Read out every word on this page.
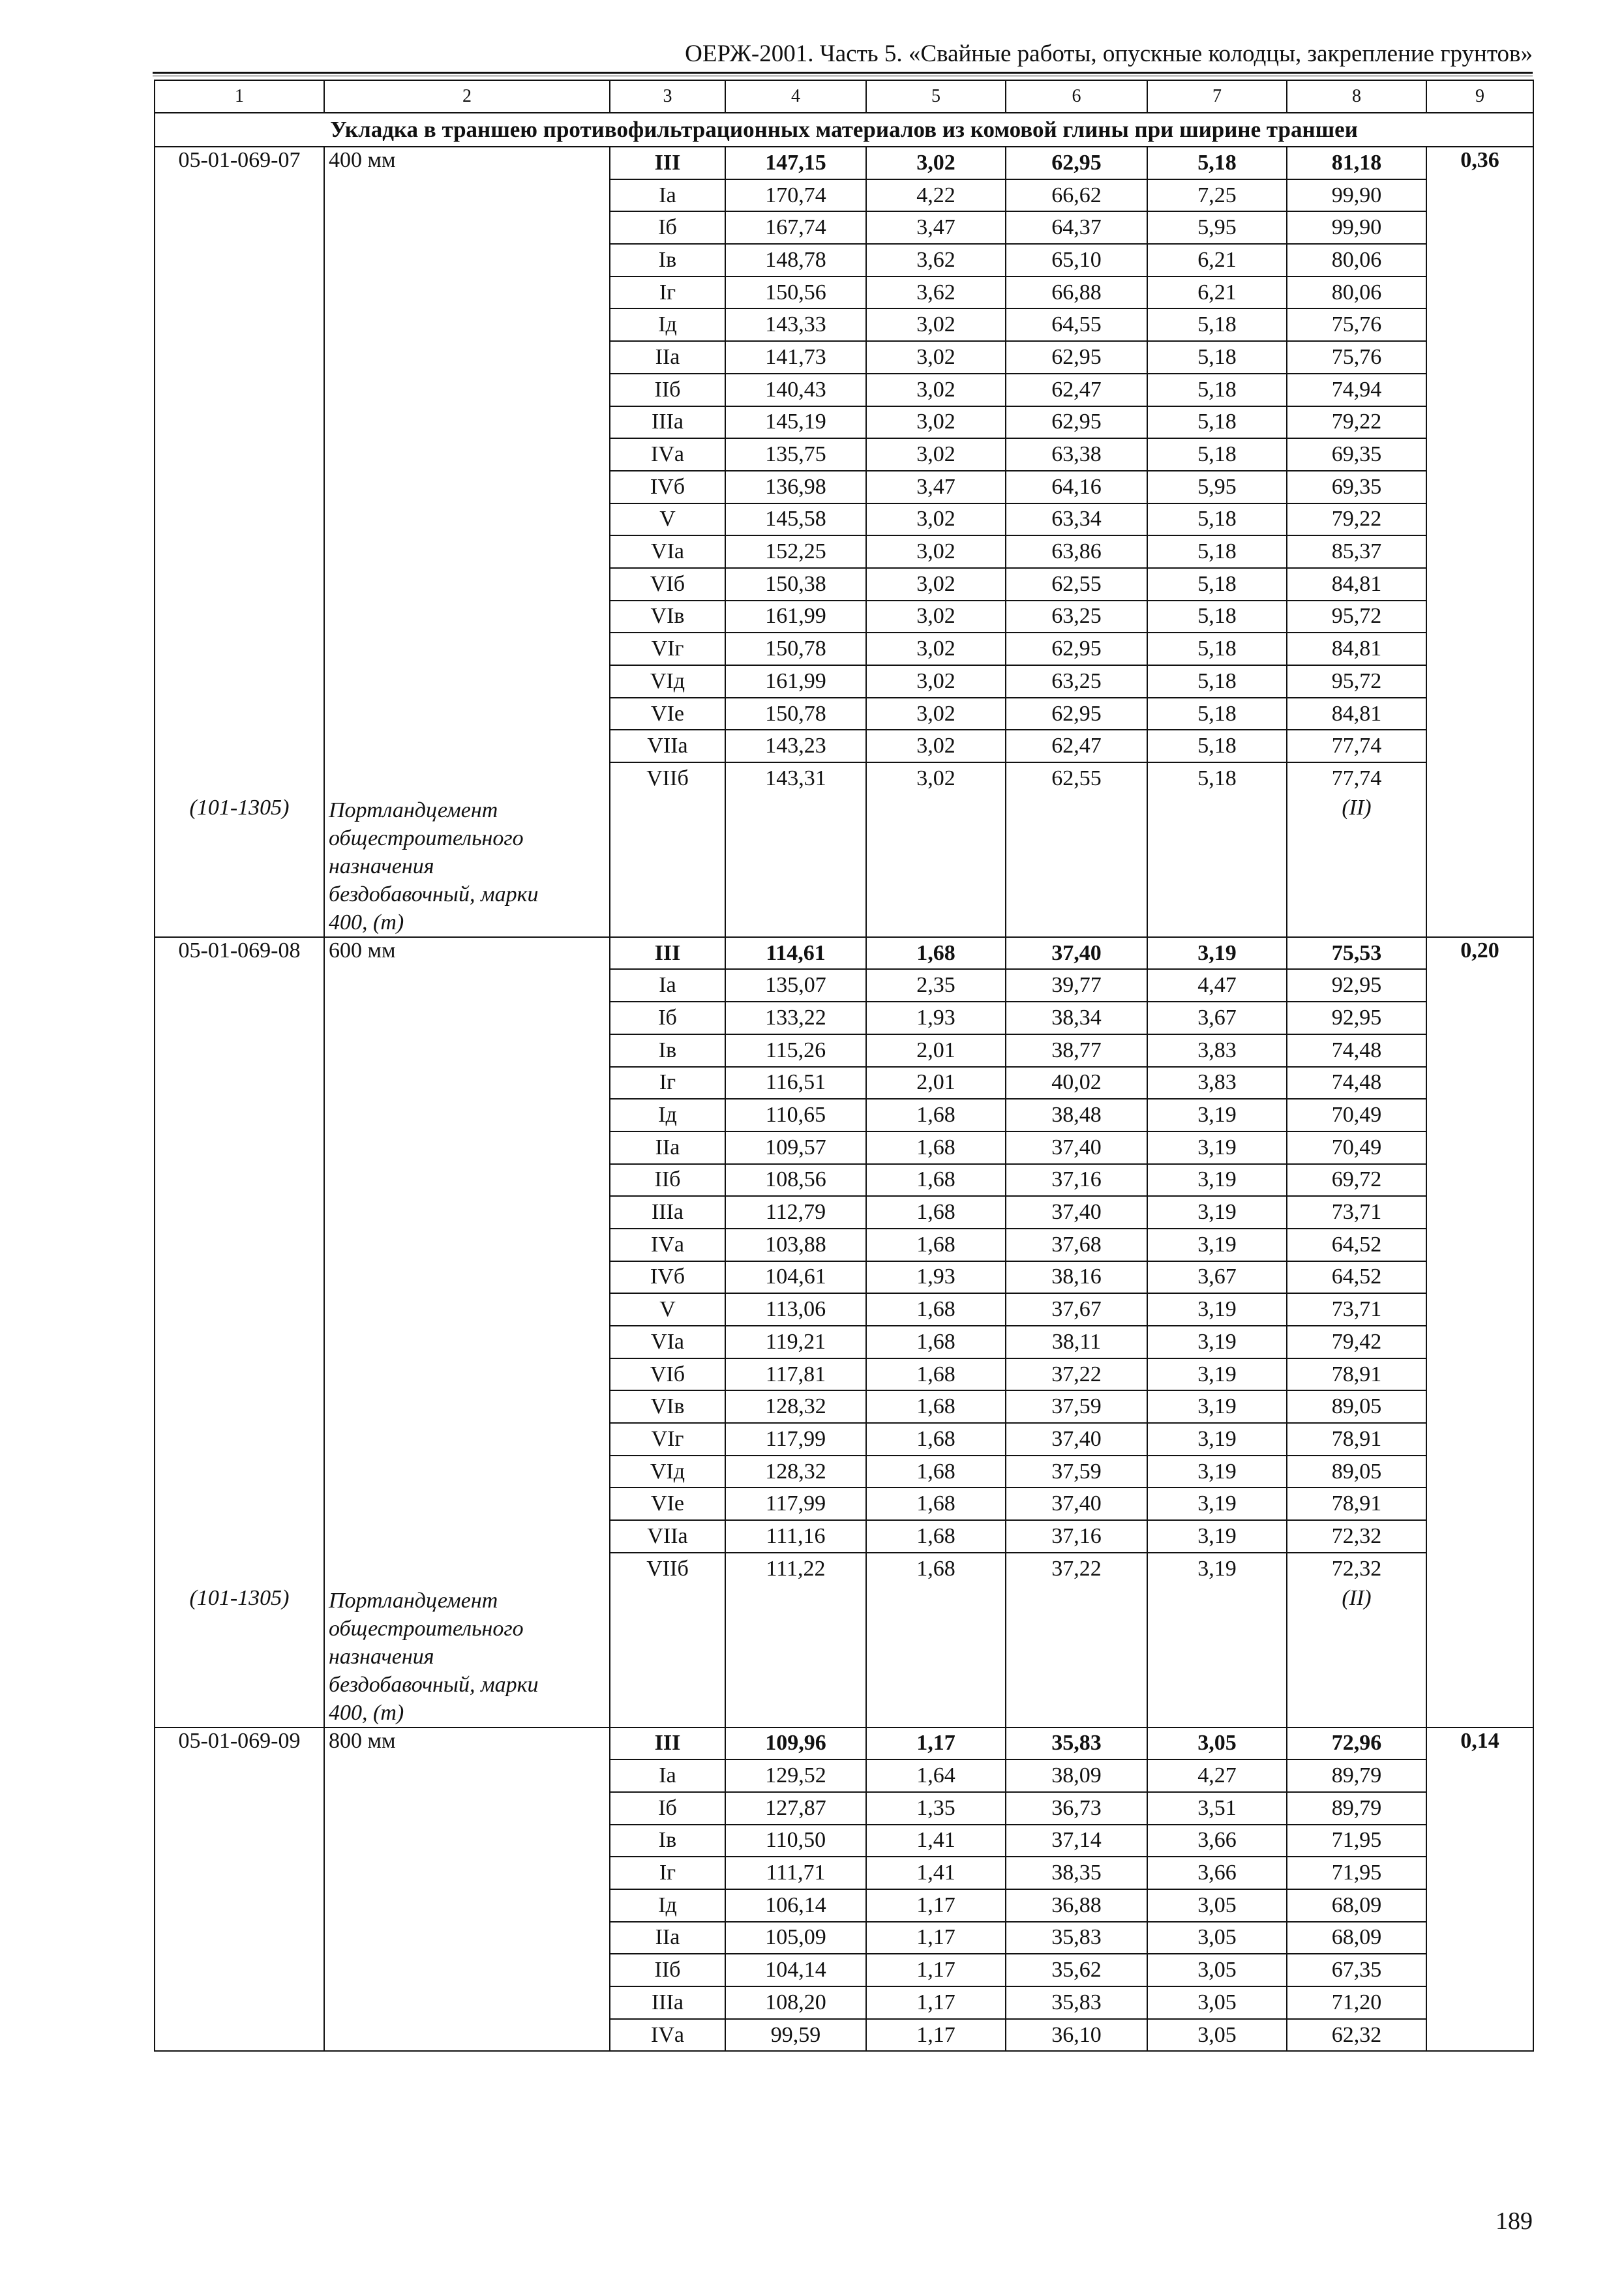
ОЕРЖ-2001. Часть 5. «Свайные работы, опускные колодцы, закрепление грунтов»
1	2	3	4	5	6	7	8	9
Укладка в траншею противофильтрационных материалов из комовой глины при ширине траншеи								
05-01-069-07	400 мм	III	147,15	3,02	62,95	5,18	81,18	0,36
		Iа	170,74	4,22	66,62	7,25	99,90	
		Iб	167,74	3,47	64,37	5,95	99,90	
		Iв	148,78	3,62	65,10	6,21	80,06	
		Iг	150,56	3,62	66,88	6,21	80,06	
		Iд	143,33	3,02	64,55	5,18	75,76	
		IIа	141,73	3,02	62,95	5,18	75,76	
		IIб	140,43	3,02	62,47	5,18	74,94	
		IIIа	145,19	3,02	62,95	5,18	79,22	
		IVа	135,75	3,02	63,38	5,18	69,35	
		IVб	136,98	3,47	64,16	5,95	69,35	
		V	145,58	3,02	63,34	5,18	79,22	
		VIа	152,25	3,02	63,86	5,18	85,37	
		VIб	150,38	3,02	62,55	5,18	84,81	
		VIв	161,99	3,02	63,25	5,18	95,72	
		VIг	150,78	3,02	62,95	5,18	84,81	
		VIд	161,99	3,02	63,25	5,18	95,72	
		VIе	150,78	3,02	62,95	5,18	84,81	
		VIIа	143,23	3,02	62,47	5,18	77,74	
		VIIб	143,31	3,02	62,55	5,18	77,74	
(101-1305)	Портландцемент
общестроительного
назначения
бездобавочный, марки
400, (т)						(II)	
05-01-069-08	600 мм	III	114,61	1,68	37,40	3,19	75,53	0,20
		Iа	135,07	2,35	39,77	4,47	92,95	
		Iб	133,22	1,93	38,34	3,67	92,95	
		Iв	115,26	2,01	38,77	3,83	74,48	
		Iг	116,51	2,01	40,02	3,83	74,48	
		Iд	110,65	1,68	38,48	3,19	70,49	
		IIа	109,57	1,68	37,40	3,19	70,49	
		IIб	108,56	1,68	37,16	3,19	69,72	
		IIIа	112,79	1,68	37,40	3,19	73,71	
		IVа	103,88	1,68	37,68	3,19	64,52	
		IVб	104,61	1,93	38,16	3,67	64,52	
		V	113,06	1,68	37,67	3,19	73,71	
		VIа	119,21	1,68	38,11	3,19	79,42	
		VIб	117,81	1,68	37,22	3,19	78,91	
		VIв	128,32	1,68	37,59	3,19	89,05	
		VIг	117,99	1,68	37,40	3,19	78,91	
		VIд	128,32	1,68	37,59	3,19	89,05	
		VIе	117,99	1,68	37,40	3,19	78,91	
		VIIа	111,16	1,68	37,16	3,19	72,32	
		VIIб	111,22	1,68	37,22	3,19	72,32	
(101-1305)	Портландцемент
общестроительного
назначения
бездобавочный, марки
400, (т)						(II)	
05-01-069-09	800 мм	III	109,96	1,17	35,83	3,05	72,96	0,14
		Iа	129,52	1,64	38,09	4,27	89,79	
		Iб	127,87	1,35	36,73	3,51	89,79	
		Iв	110,50	1,41	37,14	3,66	71,95	
		Iг	111,71	1,41	38,35	3,66	71,95	
		Iд	106,14	1,17	36,88	3,05	68,09	
		IIа	105,09	1,17	35,83	3,05	68,09	
		IIб	104,14	1,17	35,62	3,05	67,35	
		IIIа	108,20	1,17	35,83	3,05	71,20	
		IVа	99,59	1,17	36,10	3,05	62,32	
189
